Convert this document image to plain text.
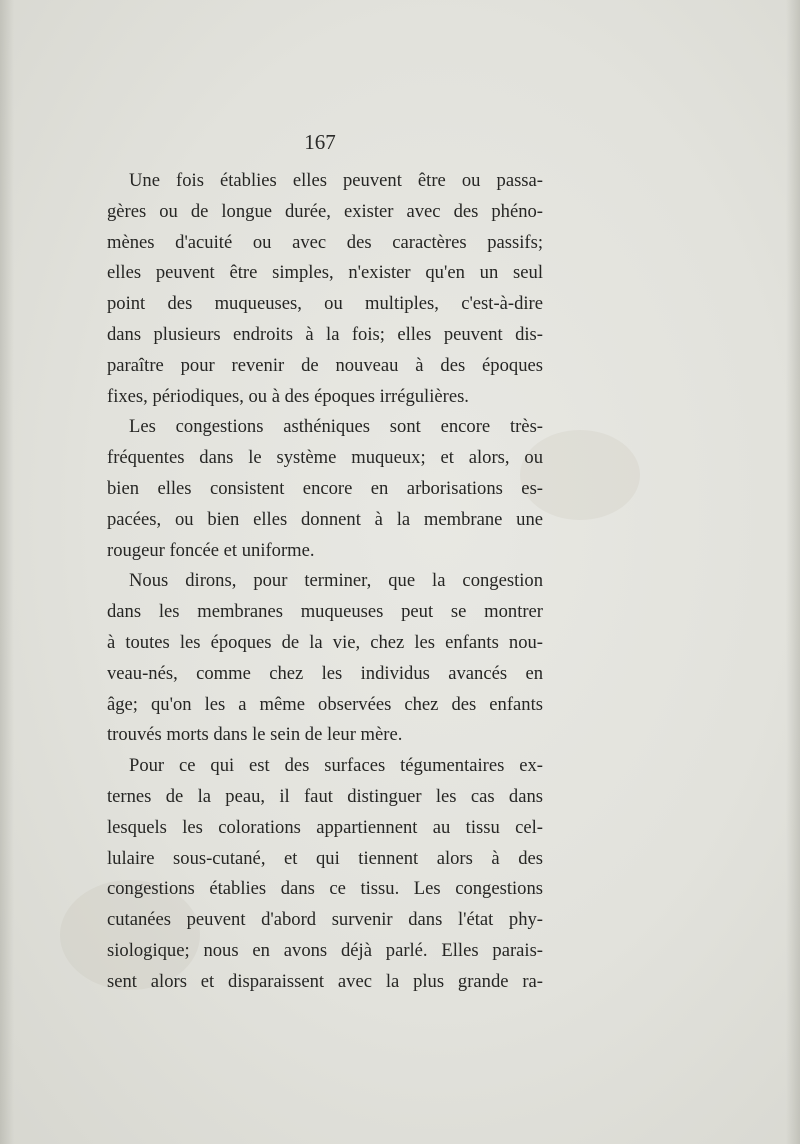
167
Une fois établies elles peuvent être ou passa-
gères ou de longue durée, exister avec des phéno-
mènes d'acuité ou avec des caractères passifs;
elles peuvent être simples, n'exister qu'en un seul
point des muqueuses, ou multiples, c'est-à-dire
dans plusieurs endroits à la fois; elles peuvent dis-
paraître pour revenir de nouveau à des époques
fixes, périodiques, ou à des époques irrégulières.
Les congestions asthéniques sont encore très-
fréquentes dans le système muqueux; et alors, ou
bien elles consistent encore en arborisations es-
pacées, ou bien elles donnent à la membrane une
rougeur foncée et uniforme.
Nous dirons, pour terminer, que la congestion
dans les membranes muqueuses peut se montrer
à toutes les époques de la vie, chez les enfants nou-
veau-nés, comme chez les individus avancés en
âge; qu'on les a même observées chez des enfants
trouvés morts dans le sein de leur mère.
Pour ce qui est des surfaces tégumentaires ex-
ternes de la peau, il faut distinguer les cas dans
lesquels les colorations appartiennent au tissu cel-
lulaire sous-cutané, et qui tiennent alors à des
congestions établies dans ce tissu. Les congestions
cutanées peuvent d'abord survenir dans l'état phy-
siologique; nous en avons déjà parlé. Elles parais-
sent alors et disparaissent avec la plus grande ra-
